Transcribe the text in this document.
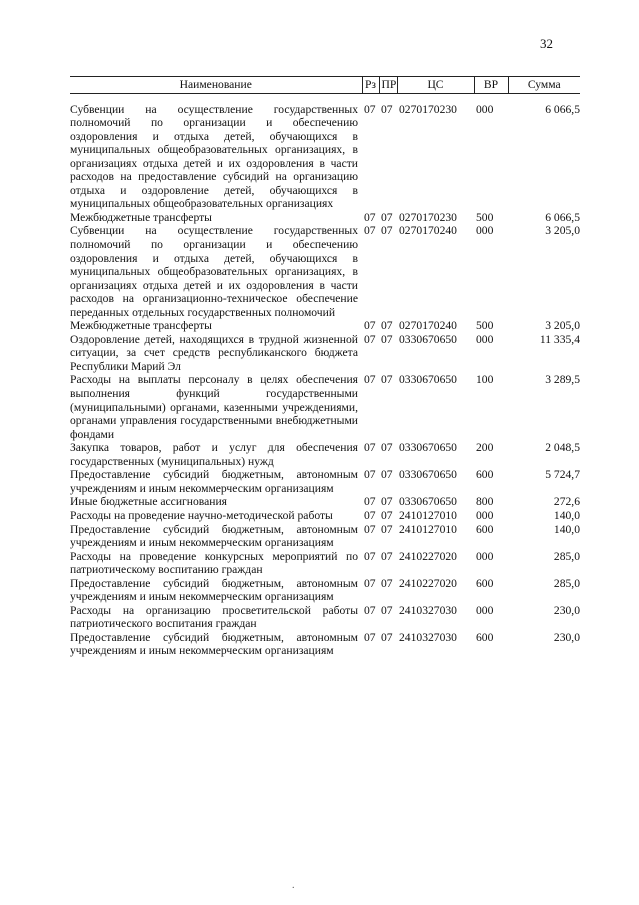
32
Наименование	Рз	ПР	ЦС	ВР	Сумма
Субвенции на осуществление государственных полномочий по организации и обеспечению оздоровления и отдыха детей, обучающихся в муниципальных общеобразовательных организациях, в организациях отдыха детей и их оздоровления в части расходов на предоставление субсидий на организацию отдыха и оздоровление детей, обучающихся в муниципальных общеобразовательных организациях	07	07	0270170230	000	6 066,5
Межбюджетные трансферты	07	07	0270170230	500	6 066,5
Субвенции на осуществление государственных полномочий по организации и обеспечению оздоровления и отдыха детей, обучающихся в муниципальных общеобразовательных организациях, в организациях отдыха детей и их оздоровления в части расходов на организационно-техническое обеспечение переданных отдельных государственных полномочий	07	07	0270170240	000	3 205,0
Межбюджетные трансферты	07	07	0270170240	500	3 205,0
Оздоровление детей, находящихся в трудной жизненной ситуации, за счет средств республиканского бюджета Республики Марий Эл	07	07	0330670650	000	11 335,4
Расходы на выплаты персоналу в целях обеспечения выполнения функций государственными (муниципальными) органами, казенными учреждениями, органами управления государственными внебюджетными фондами	07	07	0330670650	100	3 289,5
Закупка товаров, работ и услуг для обеспечения государственных (муниципальных) нужд	07	07	0330670650	200	2 048,5
Предоставление субсидий бюджетным, автономным учреждениям и иным некоммерческим организациям	07	07	0330670650	600	5 724,7
Иные бюджетные ассигнования	07	07	0330670650	800	272,6
Расходы на проведение научно-методической работы	07	07	2410127010	000	140,0
Предоставление субсидий бюджетным, автономным учреждениям и иным некоммерческим организациям	07	07	2410127010	600	140,0
Расходы на проведение конкурсных мероприятий по патриотическому воспитанию граждан	07	07	2410227020	000	285,0
Предоставление субсидий бюджетным, автономным учреждениям и иным некоммерческим организациям	07	07	2410227020	600	285,0
Расходы на организацию просветительской работы патриотического воспитания граждан	07	07	2410327030	000	230,0
Предоставление субсидий бюджетным, автономным учреждениям и иным некоммерческим организациям	07	07	2410327030	600	230,0
.
